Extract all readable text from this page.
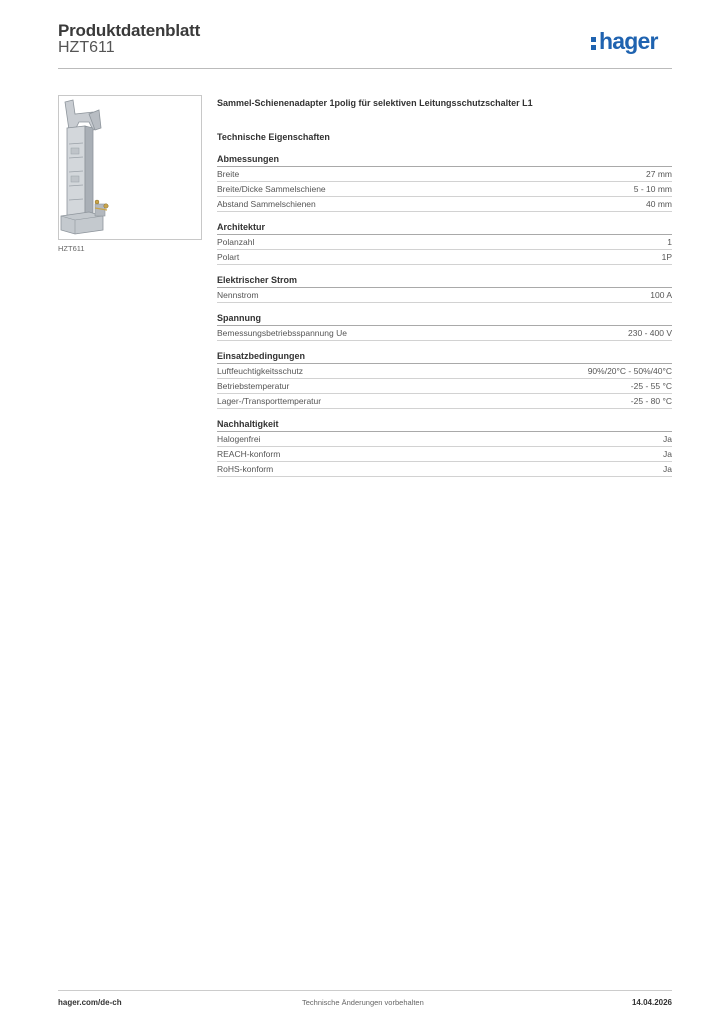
Produktdatenblatt
HZT611	hager
HZT611
Sammel-Schienenadapter 1polig für selektiven Leitungsschutzschalter L1
Technische Eigenschaften
Abmessungen
Breite	27 mm
Breite/Dicke Sammelschiene	5 - 10 mm
Abstand Sammelschienen	40 mm
Architektur
Polanzahl	1
Polart	1P
Elektrischer Strom
Nennstrom	100 A
Spannung
Bemessungsbetriebsspannung Ue	230 - 400 V
Einsatzbedingungen
Luftfeuchtigkeitsschutz	90%/20°C - 50%/40°C
Betriebstemperatur	-25 - 55 °C
Lager-/Transporttemperatur	-25 - 80 °C
Nachhaltigkeit
Halogenfrei	Ja
REACH-konform	Ja
RoHS-konform	Ja
hager.com/de-ch	Technische Änderungen vorbehalten	14.04.2026
